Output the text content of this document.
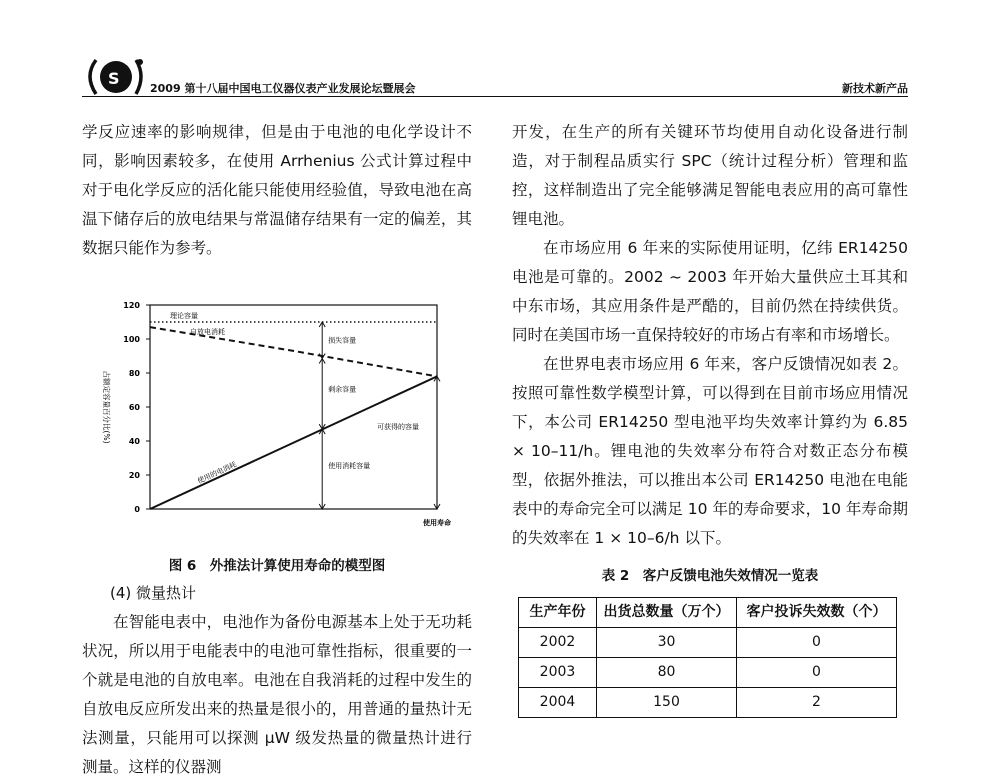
S
2009 第十八届中国电工仪器仪表产业发展论坛暨展会	新技术新产品

学反应速率的影响规律，但是由于电池的电化学设计不同，影响因素较多，在使用 Arrhenius 公式计算过程中对于电化学反应的活化能只能使用经验值，导致电池在高温下储存后的放电结果与常温储存结果有一定的偏差，其数据只能作为参考。

0
20
40
60
80
100
120
占额定容量百分比(%)
理论容量
自放电消耗
损失容量
剩余容量
可获得的容量
使用消耗容量
使用的电消耗
使用寿命
图 6　外推法计算使用寿命的模型图
(4) 微量热计

在智能电表中，电池作为备份电源基本上处于无功耗状况，所以用于电能表中的电池可靠性指标，很重要的一个就是电池的自放电率。电池在自我消耗的过程中发生的自放电反应所发出来的热量是很小的，用普通的量热计无法测量，只能用可以探测 μW 级发热量的微量热计进行测量。这样的仪器测

开发，在生产的所有关键环节均使用自动化设备进行制造，对于制程品质实行 SPC（统计过程分析）管理和监控，这样制造出了完全能够满足智能电表应用的高可靠性锂电池。

在市场应用 6 年来的实际使用证明，亿纬 ER14250 电池是可靠的。2002 ~ 2003 年开始大量供应土耳其和中东市场，其应用条件是严酷的，目前仍然在持续供货。同时在美国市场一直保持较好的市场占有率和市场增长。

在世界电表市场应用 6 年来，客户反馈情况如表 2。按照可靠性数学模型计算，可以得到在目前市场应用情况下，本公司 ER14250 型电池平均失效率计算约为 6.85 × 10–11/h。锂电池的失效率分布符合对数正态分布模型，依据外推法，可以推出本公司 ER14250 电池在电能表中的寿命完全可以满足 10 年的寿命要求，10 年寿命期的失效率在 1 × 10–6/h 以下。

表 2　客户反馈电池失效情况一览表
生产年份	出货总数量（万个）	客户投诉失效数（个）
2002	30	0
2003	80	0
2004	150	2
